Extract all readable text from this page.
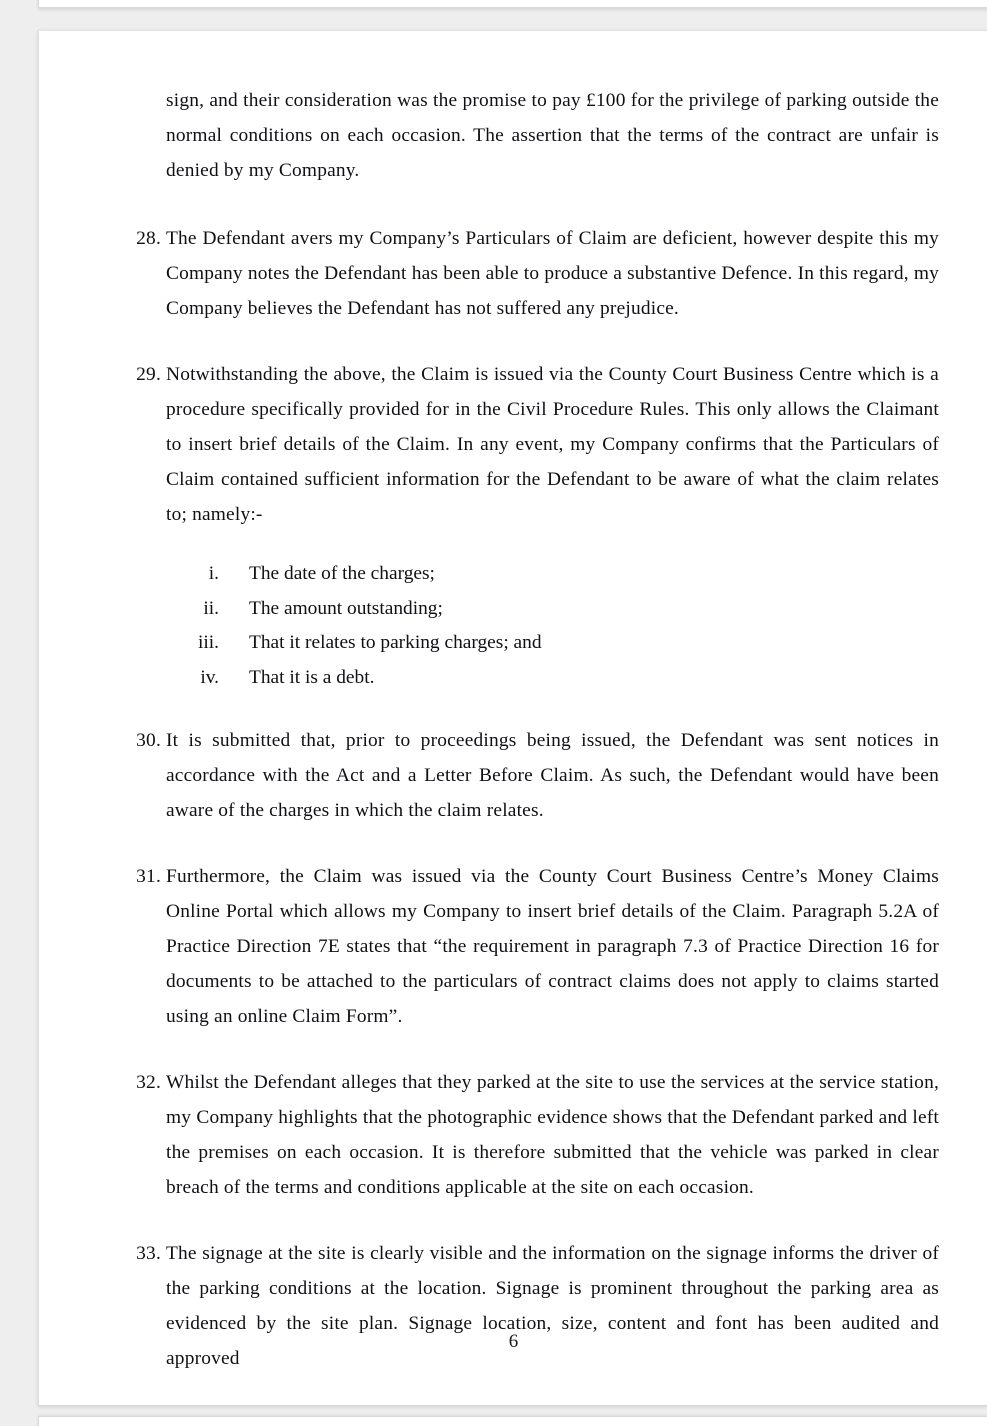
sign, and their consideration was the promise to pay £100 for the privilege of parking outside the normal conditions on each occasion. The assertion that the terms of the contract are unfair is denied by my Company.
28. The Defendant avers my Company’s Particulars of Claim are deficient, however despite this my Company notes the Defendant has been able to produce a substantive Defence. In this regard, my Company believes the Defendant has not suffered any prejudice.
29. Notwithstanding the above, the Claim is issued via the County Court Business Centre which is a procedure specifically provided for in the Civil Procedure Rules. This only allows the Claimant to insert brief details of the Claim. In any event, my Company confirms that the Particulars of Claim contained sufficient information for the Defendant to be aware of what the claim relates to; namely:-
i. The date of the charges;
ii. The amount outstanding;
iii. That it relates to parking charges; and
iv. That it is a debt.
30. It is submitted that, prior to proceedings being issued, the Defendant was sent notices in accordance with the Act and a Letter Before Claim. As such, the Defendant would have been aware of the charges in which the claim relates.
31. Furthermore, the Claim was issued via the County Court Business Centre’s Money Claims Online Portal which allows my Company to insert brief details of the Claim. Paragraph 5.2A of Practice Direction 7E states that “the requirement in paragraph 7.3 of Practice Direction 16 for documents to be attached to the particulars of contract claims does not apply to claims started using an online Claim Form”.
32. Whilst the Defendant alleges that they parked at the site to use the services at the service station, my Company highlights that the photographic evidence shows that the Defendant parked and left the premises on each occasion. It is therefore submitted that the vehicle was parked in clear breach of the terms and conditions applicable at the site on each occasion.
33. The signage at the site is clearly visible and the information on the signage informs the driver of the parking conditions at the location. Signage is prominent throughout the parking area as evidenced by the site plan. Signage location, size, content and font has been audited and approved
6
